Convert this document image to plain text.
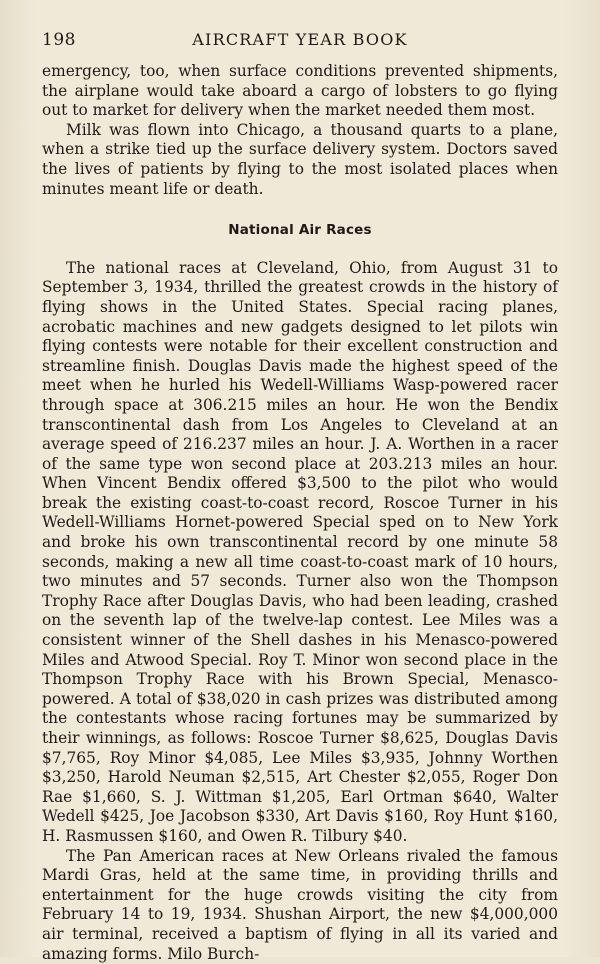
198	AIRCRAFT YEAR BOOK

emergency, too, when surface conditions prevented shipments, the airplane would take aboard a cargo of lobsters to go flying out to market for delivery when the market needed them most.

Milk was flown into Chicago, a thousand quarts to a plane, when a strike tied up the surface delivery system. Doctors saved the lives of patients by flying to the most isolated places when minutes meant life or death.

National Air Races

The national races at Cleveland, Ohio, from August 31 to September 3, 1934, thrilled the greatest crowds in the history of flying shows in the United States. Special racing planes, acrobatic machines and new gadgets designed to let pilots win flying contests were notable for their excellent construction and streamline finish. Douglas Davis made the highest speed of the meet when he hurled his Wedell-Williams Wasp-powered racer through space at 306.215 miles an hour. He won the Bendix transcontinental dash from Los Angeles to Cleveland at an average speed of 216.237 miles an hour. J. A. Worthen in a racer of the same type won second place at 203.213 miles an hour. When Vincent Bendix offered $3,500 to the pilot who would break the existing coast-to-coast record, Roscoe Turner in his Wedell-Williams Hornet-powered Special sped on to New York and broke his own transcontinental record by one minute 58 seconds, making a new all time coast-to-coast mark of 10 hours, two minutes and 57 seconds. Turner also won the Thompson Trophy Race after Douglas Davis, who had been leading, crashed on the seventh lap of the twelve-lap contest. Lee Miles was a consistent winner of the Shell dashes in his Menasco-powered Miles and Atwood Special. Roy T. Minor won second place in the Thompson Trophy Race with his Brown Special, Menasco-powered. A total of $38,020 in cash prizes was distributed among the contestants whose racing fortunes may be summarized by their winnings, as follows: Roscoe Turner $8,625, Douglas Davis $7,765, Roy Minor $4,085, Lee Miles $3,935, Johnny Worthen $3,250, Harold Neuman $2,515, Art Chester $2,055, Roger Don Rae $1,660, S. J. Wittman $1,205, Earl Ortman $640, Walter Wedell $425, Joe Jacobson $330, Art Davis $160, Roy Hunt $160, H. Rasmussen $160, and Owen R. Tilbury $40.

The Pan American races at New Orleans rivaled the famous Mardi Gras, held at the same time, in providing thrills and entertainment for the huge crowds visiting the city from February 14 to 19, 1934. Shushan Airport, the new $4,000,000 air terminal, received a baptism of flying in all its varied and amazing forms. Milo Burch-
